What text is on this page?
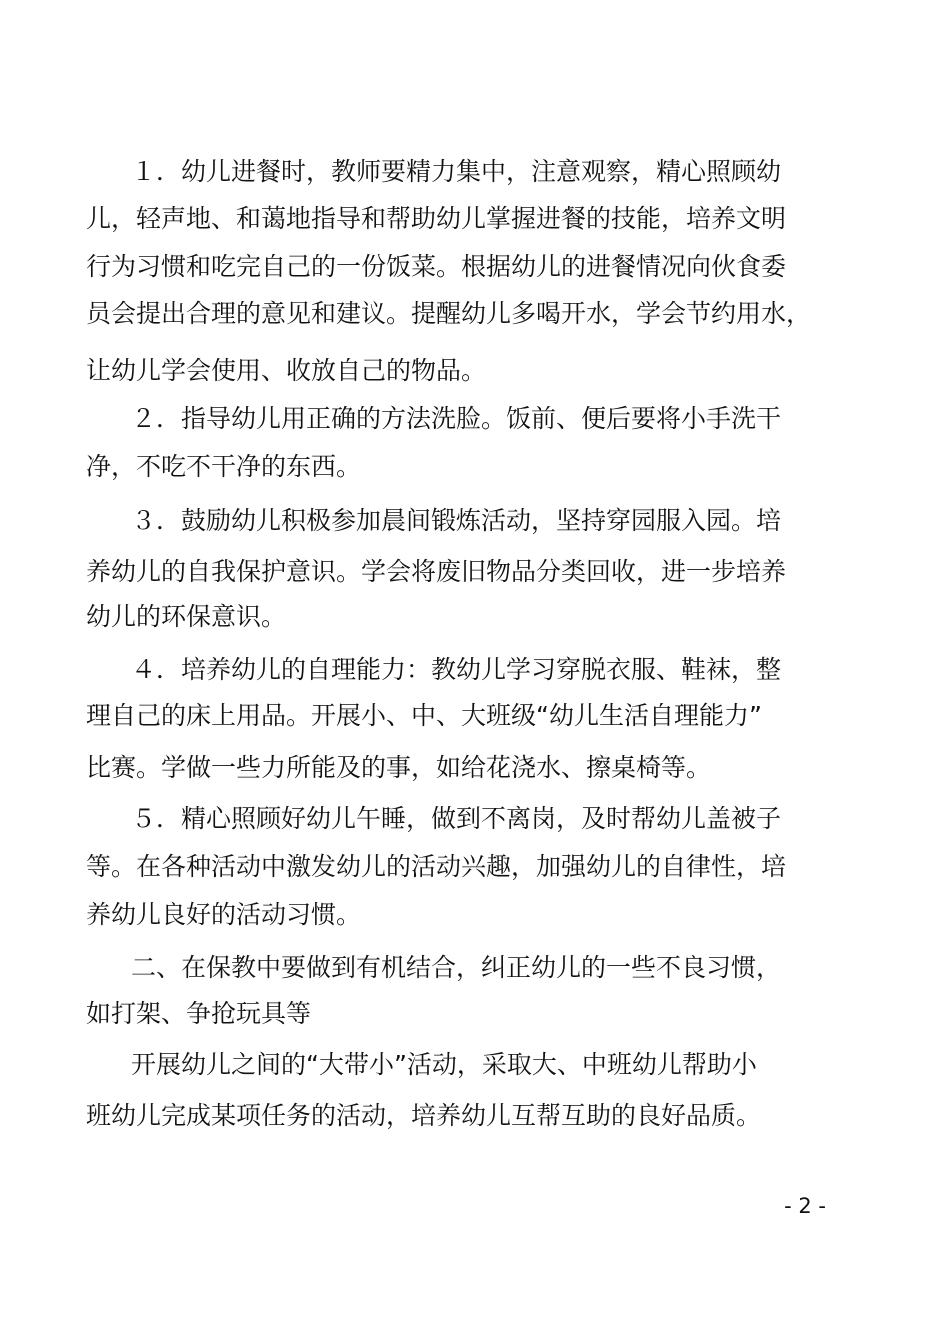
１．幼儿进餐时，教师要精力集中，注意观察，精心照顾幼
儿，轻声地、和蔼地指导和帮助幼儿掌握进餐的技能，培养文明
行为习惯和吃完自己的一份饭菜。根据幼儿的进餐情况向伙食委
员会提出合理的意见和建议。提醒幼儿多喝开水，学会节约用水，
让幼儿学会使用、收放自己的物品。
２．指导幼儿用正确的方法洗脸。饭前、便后要将小手洗干
净，不吃不干净的东西。
３．鼓励幼儿积极参加晨间锻炼活动，坚持穿园服入园。培
养幼儿的自我保护意识。学会将废旧物品分类回收，进一步培养
幼儿的环保意识。
４．培养幼儿的自理能力：教幼儿学习穿脱衣服、鞋袜，整
理自己的床上用品。开展小、中、大班级“幼儿生活自理能力”
比赛。学做一些力所能及的事，如给花浇水、擦桌椅等。
５．精心照顾好幼儿午睡，做到不离岗，及时帮幼儿盖被子
等。在各种活动中激发幼儿的活动兴趣，加强幼儿的自律性，培
养幼儿良好的活动习惯。
二、在保教中要做到有机结合，纠正幼儿的一些不良习惯，
如打架、争抢玩具等
开展幼儿之间的“大带小”活动，采取大、中班幼儿帮助小
班幼儿完成某项任务的活动，培养幼儿互帮互助的良好品质。
- 2 -
